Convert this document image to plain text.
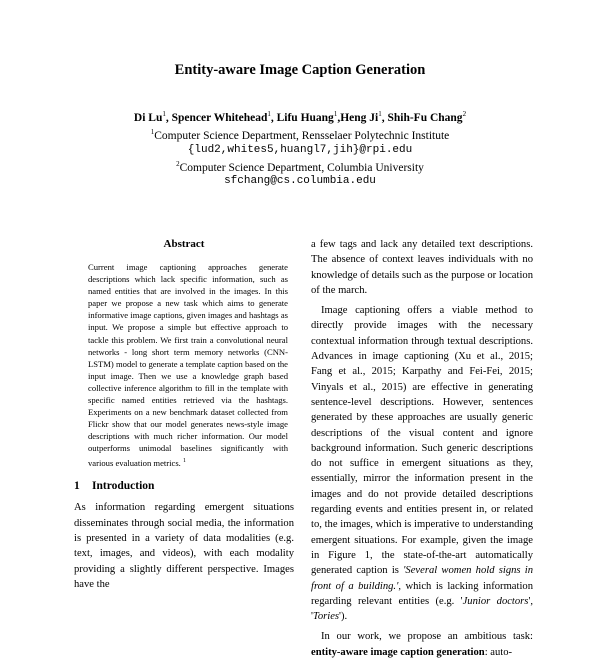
Entity-aware Image Caption Generation
Di Lu$^1$, Spencer Whitehead$^1$, Lifu Huang$^1$,Heng Ji$^1$, Shih-Fu Chang$^2$
$^1$Computer Science Department, Rensselaer Polytechnic Institute
{lud2,whites5,huangl7,jih}@rpi.edu
$^2$Computer Science Department, Columbia University
sfchang@cs.columbia.edu
Abstract
Current image captioning approaches generate descriptions which lack specific information, such as named entities that are involved in the images. In this paper we propose a new task which aims to generate informative image captions, given images and hashtags as input. We propose a simple but effective approach to tackle this problem. We first train a convolutional neural networks - long short term memory networks (CNN-LSTM) model to generate a template caption based on the input image. Then we use a knowledge graph based collective inference algorithm to fill in the template with specific named entities retrieved via the hashtags. Experiments on a new benchmark dataset collected from Flickr show that our model generates news-style image descriptions with much richer information. Our model outperforms unimodal baselines significantly with various evaluation metrics. $^1$
1 Introduction

As information regarding emergent situations disseminates through social media, the information is presented in a variety of data modalities (e.g. text, images, and videos), with each modality providing a slightly different perspective. Images have the

a few tags and lack any detailed text descriptions. The absence of context leaves individuals with no knowledge of details such as the purpose or location of the march.

Image captioning offers a viable method to directly provide images with the necessary contextual information through textual descriptions. Advances in image captioning (Xu et al., 2015; Fang et al., 2015; Karpathy and Fei-Fei, 2015; Vinyals et al., 2015) are effective in generating sentence-level descriptions. However, sentences generated by these approaches are usually generic descriptions of the visual content and ignore background information. Such generic descriptions do not suffice in emergent situations as they, essentially, mirror the information present in the images and do not provide detailed descriptions regarding events and entities present in, or related to, the images, which is imperative to understanding emergent situations. For example, given the image in Figure 1, the state-of-the-art automatically generated caption is 'Several women hold signs in front of a building.', which is lacking information regarding relevant entities (e.g. 'Junior doctors', 'Tories').

In our work, we propose an ambitious task: entity-aware image caption generation: auto-
